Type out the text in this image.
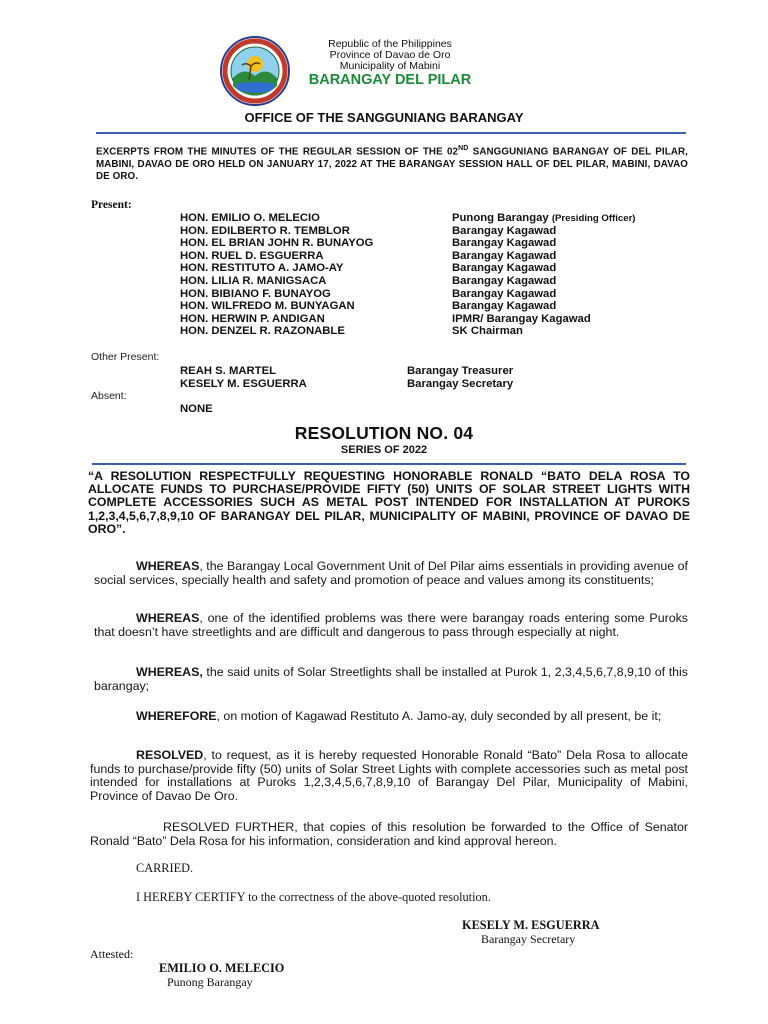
Republic of the Philippines
Province of Davao de Oro
Municipality of Mabini
BARANGAY DEL PILAR
OFFICE OF THE SANGGUNIANG BARANGAY
EXCERPTS FROM THE MINUTES OF THE REGULAR SESSION OF THE 02ND SANGGUNIANG BARANGAY OF DEL PILAR, MABINI, DAVAO DE ORO HELD ON JANUARY 17, 2022 AT THE BARANGAY SESSION HALL OF DEL PILAR, MABINI, DAVAO DE ORO.
Present:
HON. EMILIO O. MELECIO	Punong Barangay (Presiding Officer)
HON. EDILBERTO R. TEMBLOR	Barangay Kagawad
HON. EL BRIAN JOHN R. BUNAYOG	Barangay Kagawad
HON. RUEL D. ESGUERRA	Barangay Kagawad
HON. RESTITUTO A. JAMO-AY	Barangay Kagawad
HON. LILIA R. MANIGSACA	Barangay Kagawad
HON. BIBIANO F. BUNAYOG	Barangay Kagawad
HON. WILFREDO M. BUNYAGAN	Barangay Kagawad
HON. HERWIN P. ANDIGAN	IPMR/ Barangay Kagawad
HON. DENZEL R. RAZONABLE	SK Chairman
Other Present:
REAH S. MARTEL	Barangay Treasurer
KESELY M. ESGUERRA	Barangay Secretary
Absent:
NONE
RESOLUTION NO. 04
SERIES OF 2022
“A RESOLUTION RESPECTFULLY REQUESTING HONORABLE RONALD “BATO DELA ROSA TO ALLOCATE FUNDS TO PURCHASE/PROVIDE FIFTY (50) UNITS OF SOLAR STREET LIGHTS WITH COMPLETE ACCESSORIES SUCH AS METAL POST INTENDED FOR INSTALLATION AT PUROKS 1,2,3,4,5,6,7,8,9,10 OF BARANGAY DEL PILAR, MUNICIPALITY OF MABINI, PROVINCE OF DAVAO DE ORO”.
WHEREAS, the Barangay Local Government Unit of Del Pilar aims essentials in providing avenue of social services, specially health and safety and promotion of peace and values among its constituents;
WHEREAS, one of the identified problems was there were barangay roads entering some Puroks that doesn’t have streetlights and are difficult and dangerous to pass through especially at night.
WHEREAS, the said units of Solar Streetlights shall be installed at Purok 1, 2,3,4,5,6,7,8,9,10 of this barangay;
WHEREFORE, on motion of Kagawad Restituto A. Jamo-ay, duly seconded by all present, be it;
RESOLVED, to request, as it is hereby requested Honorable Ronald “Bato” Dela Rosa to allocate funds to purchase/provide fifty (50) units of Solar Street Lights with complete accessories such as metal post intended for installations at Puroks 1,2,3,4,5,6,7,8,9,10 of Barangay Del Pilar, Municipality of Mabini, Province of Davao De Oro.
RESOLVED FURTHER, that copies of this resolution be forwarded to the Office of Senator Ronald “Bato” Dela Rosa for his information, consideration and kind approval hereon.
CARRIED.
I HEREBY CERTIFY to the correctness of the above-quoted resolution.
KESELY M. ESGUERRA
Barangay Secretary
Attested:
EMILIO O. MELECIO
Punong Barangay
